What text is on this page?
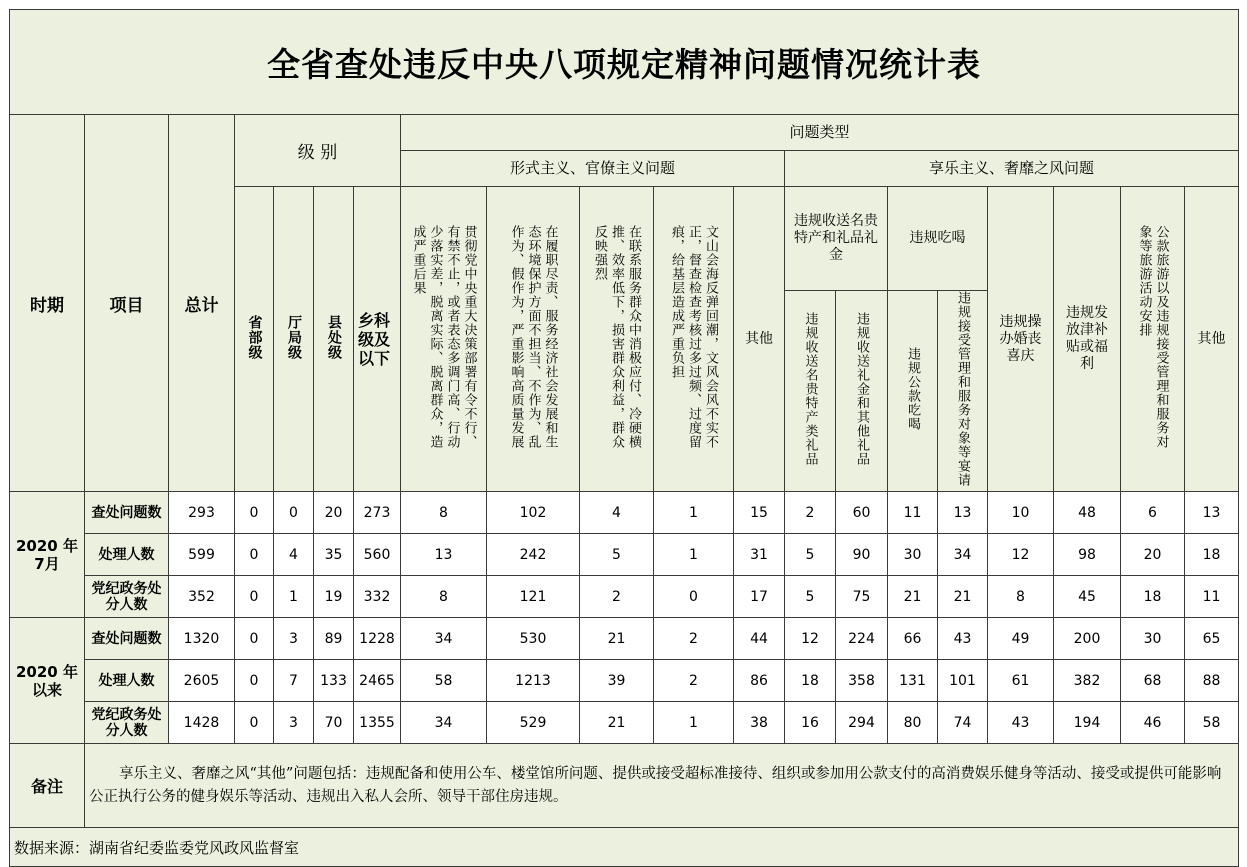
全省查处违反中央八项规定精神问题情况统计表																			
时期	项目	总计	级 别				问题类型												
							形式主义、官僚主义问题					享乐主义、奢靡之风问题							
			省部级	厅局级	县处级	乡科级及以下	贯彻党中央重大决策部署有令不行、有禁不止，或者表态多调门高、行动少落实差，脱离实际、脱离群众，造成严重后果	在履职尽责、服务经济社会发展和生态环境保护方面不担当、不作为、乱作为、假作为，严重影响高质量发展	在联系服务群众中消极应付、冷硬横推、效率低下，损害群众利益，群众反映强烈	文山会海反弹回潮，文风会风不实不正，督查检查考核过多过频、过度留痕，给基层造成严重负担	其他	违规收送名贵特产和礼品礼金		违规吃喝		违规操办婚丧喜庆	违规发放津补贴或福利	公款旅游以及违规接受管理和服务对象等旅游活动安排	其他
												违规收送名贵特产类礼品	违规收送礼金和其他礼品	违规公款吃喝	违规接受管理和服务对象等宴请				
2020 年 7月	查处问题数	293	0	0	20	273	8	102	4	1	15	2	60	11	13	10	48	6	13
	处理人数	599	0	4	35	560	13	242	5	1	31	5	90	30	34	12	98	20	18
	党纪政务处分人数	352	0	1	19	332	8	121	2	0	17	5	75	21	21	8	45	18	11
2020 年 以来	查处问题数	1320	0	3	89	1228	34	530	21	2	44	12	224	66	43	49	200	30	65
	处理人数	2605	0	7	133	2465	58	1213	39	2	86	18	358	131	101	61	382	68	88
	党纪政务处分人数	1428	0	3	70	1355	34	529	21	1	38	16	294	80	74	43	194	46	58
备注	享乐主义、奢靡之风“其他”问题包括：违规配备和使用公车、楼堂馆所问题、提供或接受超标准接待、组织或参加用公款支付的高消费娱乐健身等活动、接受或提供可能影响公正执行公务的健身娱乐等活动、违规出入私人会所、领导干部住房违规。																		
数据来源：湖南省纪委监委党风政风监督室																			
